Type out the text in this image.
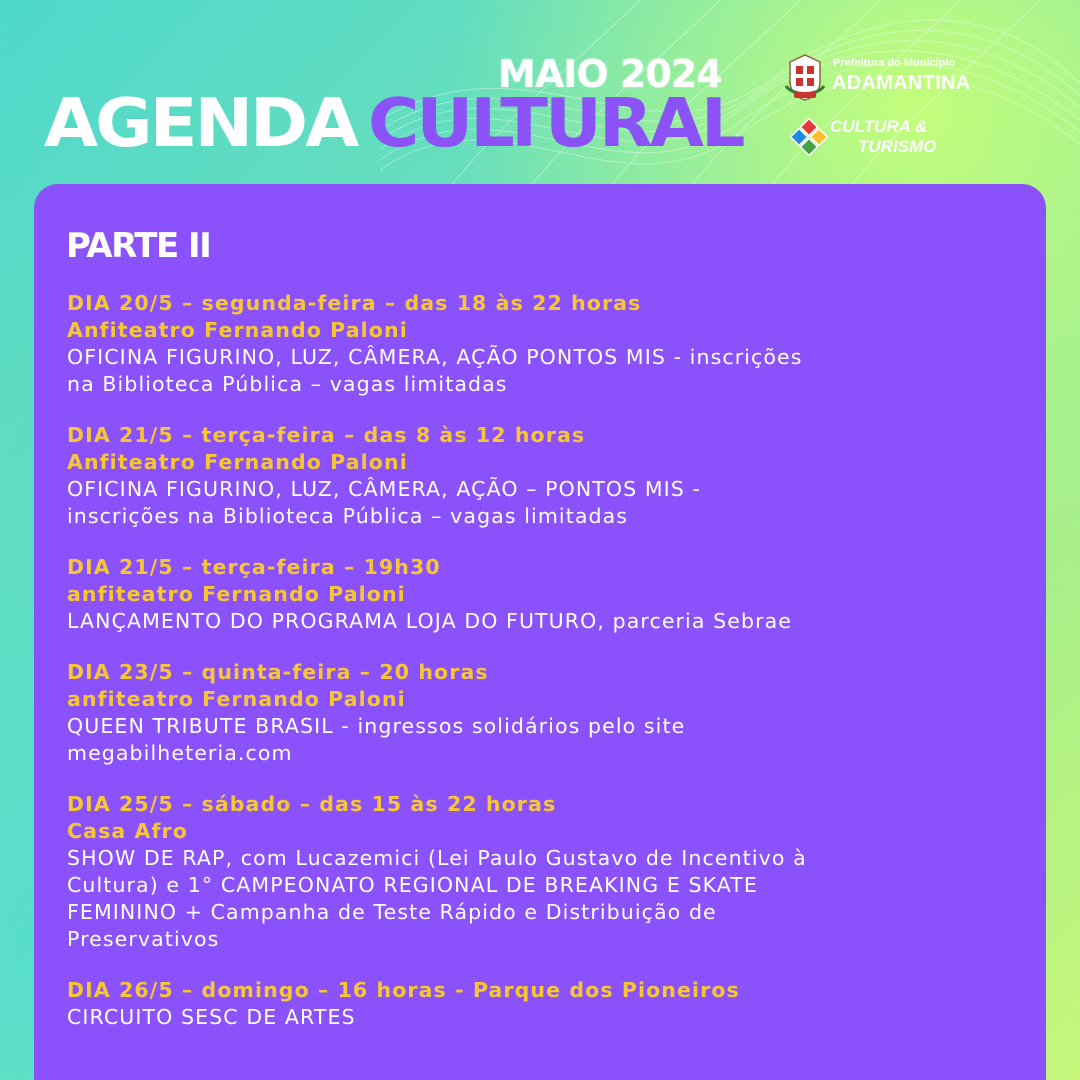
MAIO 2024
AGENDA CULTURAL
Prefeitura do Município
ADAMANTINA
CULTURA &
TURISMO
PARTE II
DIA 20/5 – segunda-feira – das 18 às 22 horas
Anfiteatro Fernando Paloni
OFICINA FIGURINO, LUZ, CÂMERA, AÇÃO PONTOS MIS - inscrições
na Biblioteca Pública – vagas limitadas
DIA 21/5 – terça-feira – das 8 às 12 horas
Anfiteatro Fernando Paloni
OFICINA FIGURINO, LUZ, CÂMERA, AÇÃO – PONTOS MIS -
inscrições na Biblioteca Pública – vagas limitadas
DIA 21/5 – terça-feira – 19h30
anfiteatro Fernando Paloni
LANÇAMENTO DO PROGRAMA LOJA DO FUTURO, parceria Sebrae
DIA 23/5 – quinta-feira – 20 horas
anfiteatro Fernando Paloni
QUEEN TRIBUTE BRASIL - ingressos solidários pelo site
megabilheteria.com
DIA 25/5 – sábado – das 15 às 22 horas
Casa Afro
SHOW DE RAP, com Lucazemici (Lei Paulo Gustavo de Incentivo à
Cultura) e 1° CAMPEONATO REGIONAL DE BREAKING E SKATE
FEMININO + Campanha de Teste Rápido e Distribuição de
Preservativos
DIA 26/5 – domingo – 16 horas - Parque dos Pioneiros
CIRCUITO SESC DE ARTES
